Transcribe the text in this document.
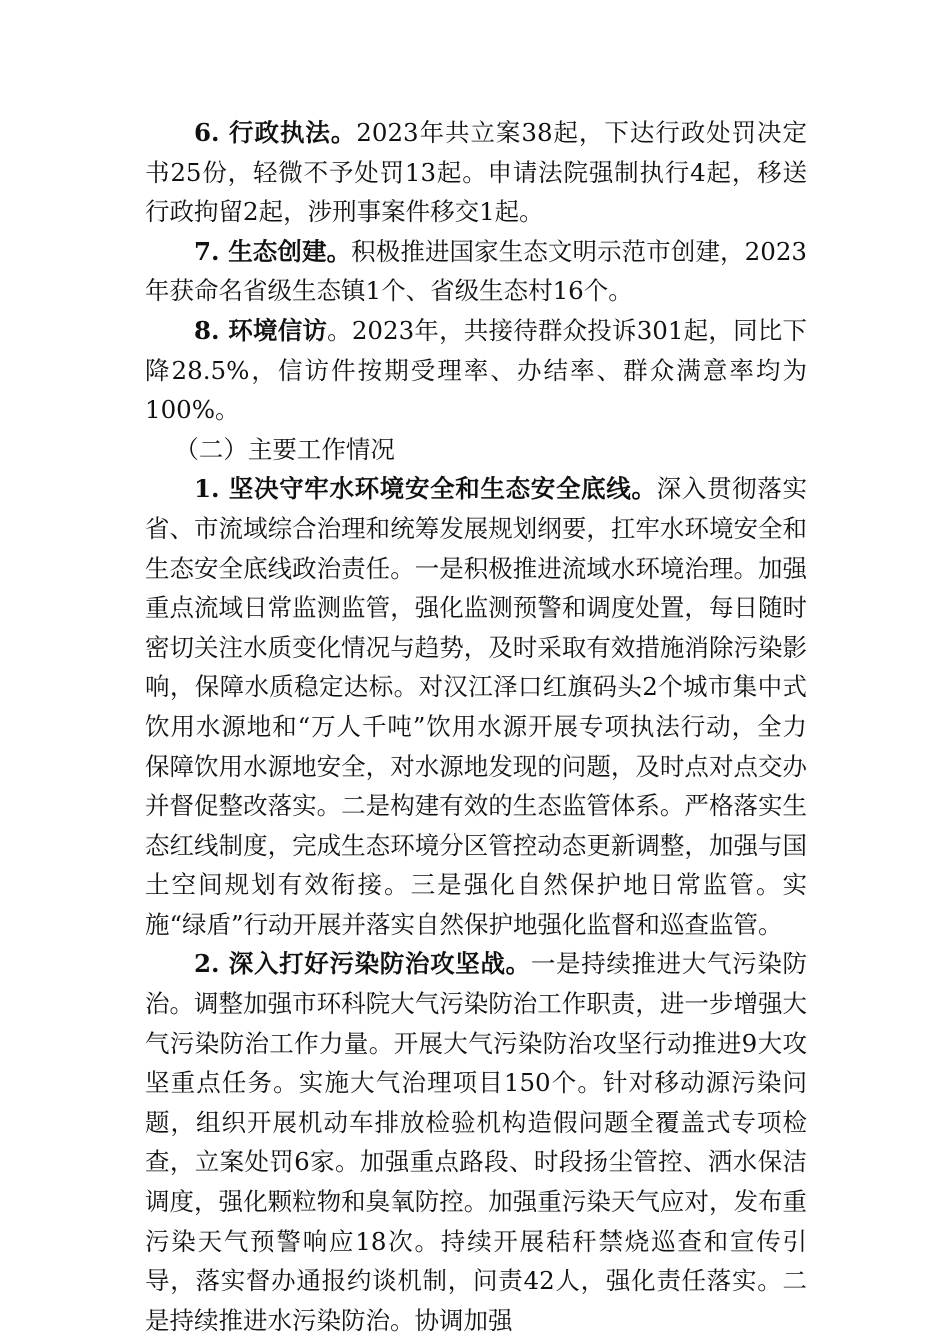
6. 行政执法。2023年共立案38起，下达行政处罚决定书25份，轻微不予处罚13起。申请法院强制执行4起，移送行政拘留2起，涉刑事案件移交1起。

7. 生态创建。积极推进国家生态文明示范市创建，2023年获命名省级生态镇1个、省级生态村16个。

8. 环境信访。2023年，共接待群众投诉301起，同比下降28.5%，信访件按期受理率、办结率、群众满意率均为100%。

（二）主要工作情况

1. 坚决守牢水环境安全和生态安全底线。深入贯彻落实省、市流域综合治理和统筹发展规划纲要，扛牢水环境安全和生态安全底线政治责任。一是积极推进流域水环境治理。加强重点流域日常监测监管，强化监测预警和调度处置，每日随时密切关注水质变化情况与趋势，及时采取有效措施消除污染影响，保障水质稳定达标。对汉江泽口红旗码头2个城市集中式饮用水源地和“万人千吨”饮用水源开展专项执法行动，全力保障饮用水源地安全，对水源地发现的问题，及时点对点交办并督促整改落实。二是构建有效的生态监管体系。严格落实生态红线制度，完成生态环境分区管控动态更新调整，加强与国土空间规划有效衔接。三是强化自然保护地日常监管。实施“绿盾”行动开展并落实自然保护地强化监督和巡查监管。

2. 深入打好污染防治攻坚战。一是持续推进大气污染防治。调整加强市环科院大气污染防治工作职责，进一步增强大气污染防治工作力量。开展大气污染防治攻坚行动推进9大攻坚重点任务。实施大气治理项目150个。针对移动源污染问题，组织开展机动车排放检验机构造假问题全覆盖式专项检查，立案处罚6家。加强重点路段、时段扬尘管控、洒水保洁调度，强化颗粒物和臭氧防控。加强重污染天气应对，发布重污染天气预警响应18次。持续开展秸秆禁烧巡查和宣传引导，落实督办通报约谈机制，问责42人，强化责任落实。二是持续推进水污染防治。协调加强
